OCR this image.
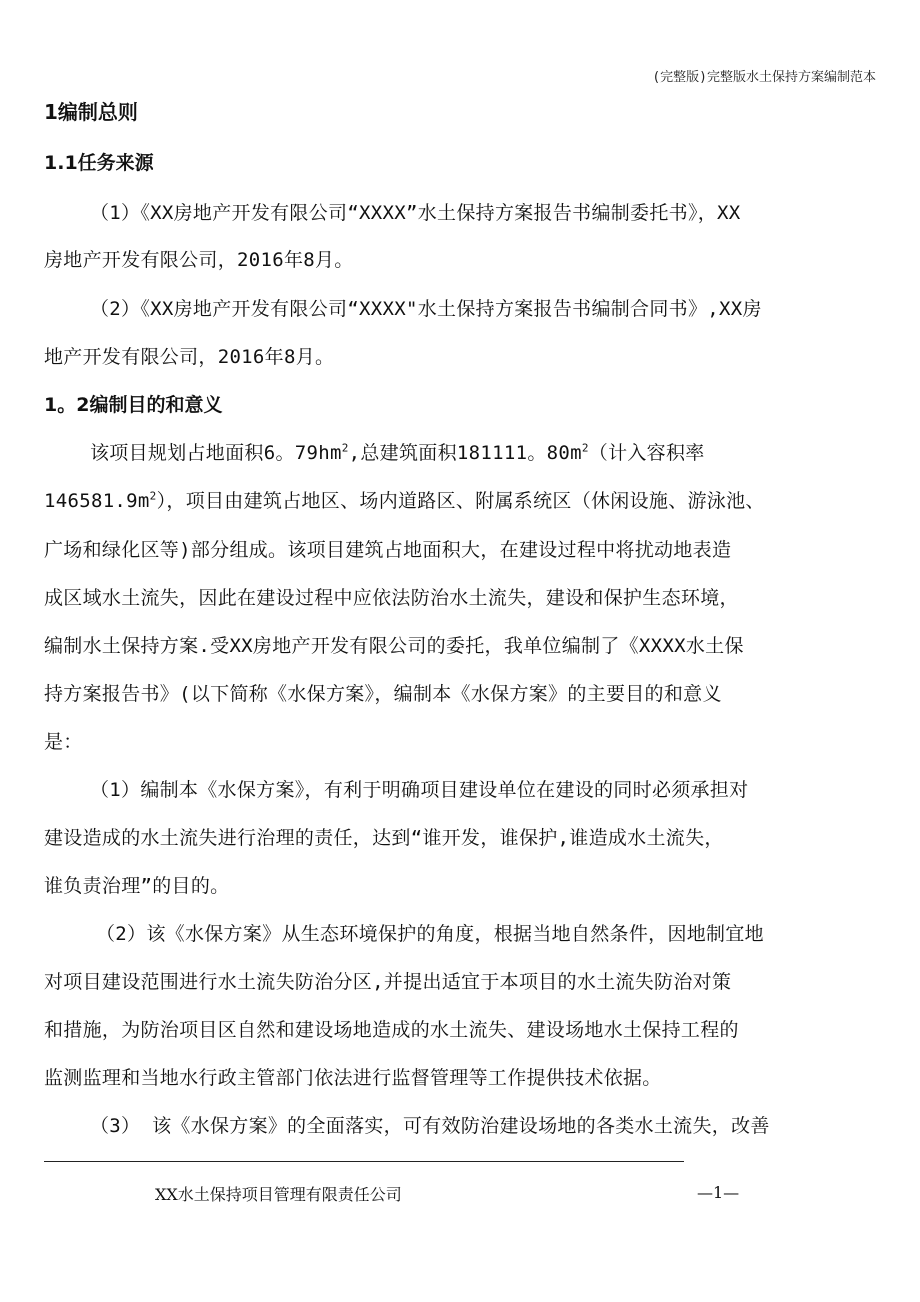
(完整版)完整版水土保持方案编制范本
1编制总则
1.1任务来源
（1）《XX房地产开发有限公司“XXXX”水土保持方案报告书编制委托书》，XX
房地产开发有限公司，2016年8月。
（2）《XX房地产开发有限公司“XXXX"水土保持方案报告书编制合同书》,XX房
地产开发有限公司，2016年8月。
1。2编制目的和意义
该项目规划占地面积6。$79hm^2$,总建筑面积181111。$80m^2$（计入容积率
$146581.9m^2$），项目由建筑占地区、场内道路区、附属系统区（休闲设施、游泳池、
广场和绿化区等)部分组成。该项目建筑占地面积大，在建设过程中将扰动地表造
成区域水土流失，因此在建设过程中应依法防治水土流失，建设和保护生态环境，
编制水土保持方案.受XX房地产开发有限公司的委托，我单位编制了《XXXX水土保
持方案报告书》(以下简称《水保方案》，编制本《水保方案》的主要目的和意义
是：
（1）编制本《水保方案》，有利于明确项目建设单位在建设的同时必须承担对
建设造成的水土流失进行治理的责任，达到“谁开发，谁保护,谁造成水土流失，
谁负责治理”的目的。
（2）该《水保方案》从生态环境保护的角度，根据当地自然条件，因地制宜地
对项目建设范围进行水土流失防治分区,并提出适宜于本项目的水土流失防治对策
和措施，为防治项目区自然和建设场地造成的水土流失、建设场地水土保持工程的
监测监理和当地水行政主管部门依法进行监督管理等工作提供技术依据。
（3） 该《水保方案》的全面落实，可有效防治建设场地的各类水土流失，改善
XX水土保持项目管理有限责任公司	—1—
